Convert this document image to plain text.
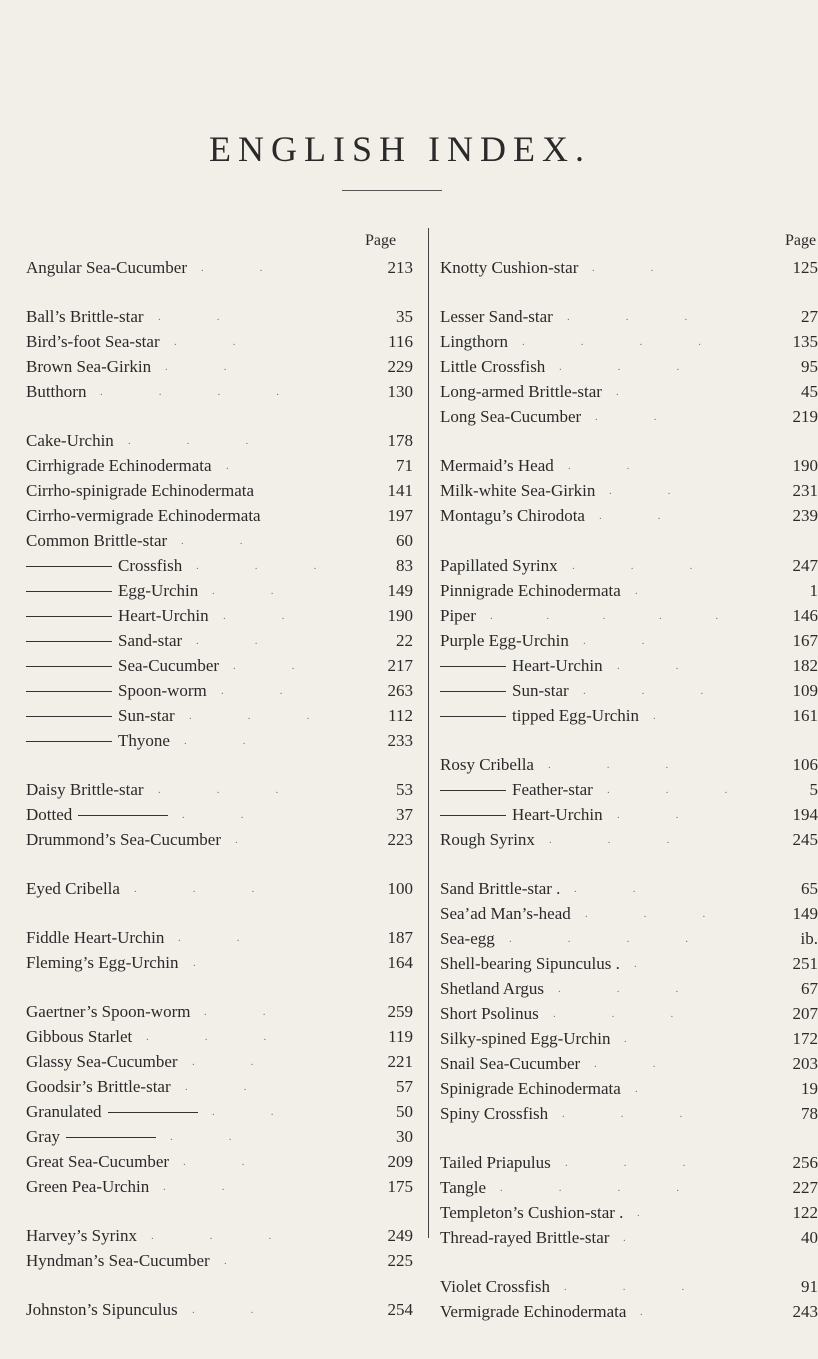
ENGLISH INDEX.
Page
Angular Sea-Cucumber	213
..
Ball’s Brittle-star	35
..
Bird’s-foot Sea-star	116
..
Brown Sea-Girkin	229
..
Butthorn	130
....
Cake-Urchin	178
...
Cirrhigrade Echinodermata	71
.
Cirrho-spinigrade Echinodermata	141
Cirrho-vermigrade Echinodermata	197
Common Brittle-star	60
..
Crossfish	83
...
Egg-Urchin	149
..
Heart-Urchin	190
..
Sand-star	22
..
Sea-Cucumber	217
..
Spoon-worm	263
..
Sun-star	112
...
Thyone	233
..
Daisy Brittle-star	53
...
Dotted	37
..
Drummond’s Sea-Cucumber	223
.
Eyed Cribella	100
...
Fiddle Heart-Urchin	187
..
Fleming’s Egg-Urchin	164
.
Gaertner’s Spoon-worm	259
..
Gibbous Starlet	119
...
Glassy Sea-Cucumber	221
..
Goodsir’s Brittle-star	57
..
Granulated	50
..
Gray	30
..
Great Sea-Cucumber	209
..
Green Pea-Urchin	175
..
Harvey’s Syrinx	249
...
Hyndman’s Sea-Cucumber	225
.
Johnston’s Sipunculus	254
..
Page
Knotty Cushion-star	125
..
Lesser Sand-star	27
...
Lingthorn	135
....
Little Crossfish	95
...
Long-armed Brittle-star	45
.
Long Sea-Cucumber	219
..
Mermaid’s Head	190
..
Milk-white Sea-Girkin	231
..
Montagu’s Chirodota	239
..
Papillated Syrinx	247
...
Pinnigrade Echinodermata	1
.
Piper	146
.....
Purple Egg-Urchin	167
..
Heart-Urchin	182
..
Sun-star	109
...
tipped Egg-Urchin	161
.
Rosy Cribella	106
...
Feather-star	5
...
Heart-Urchin	194
..
Rough Syrinx	245
...
Sand Brittle-star .	65
..
Sea’ad Man’s-head	149
...
Sea-egg	ib.
....
Shell-bearing Sipunculus .	251
.
Shetland Argus	67
...
Short Psolinus	207
...
Silky-spined Egg-Urchin	172
.
Snail Sea-Cucumber	203
..
Spinigrade Echinodermata	19
.
Spiny Crossfish	78
...
Tailed Priapulus	256
...
Tangle	227
....
Templeton’s Cushion-star .	122
.
Thread-rayed Brittle-star	40
.
Violet Crossfish	91
...
Vermigrade Echinodermata	243
.
